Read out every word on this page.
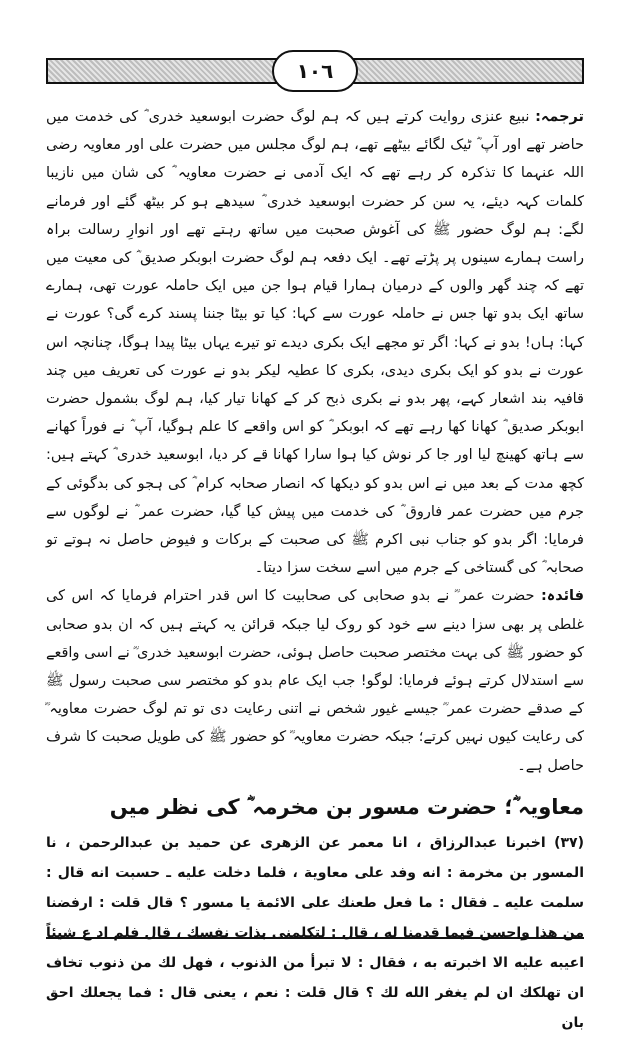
١٠٦

ترجمہ: نبیع عنزی روایت کرتے ہیں کہ ہم لوگ حضرت ابوسعید خدری ؓ کی خدمت میں حاضر تھے اور آپ ؓ ٹیک لگائے بیٹھے تھے، ہم لوگ مجلس میں حضرت علی اور معاویہ رضی اللہ عنہما کا تذکرہ کر رہے تھے کہ ایک آدمی نے حضرت معاویہ ؓ کی شان میں نازیبا کلمات کہہ دیئے، یہ سن کر حضرت ابوسعید خدری ؓ سیدھے ہو کر بیٹھ گئے اور فرمانے لگے: ہم لوگ حضور ﷺ کی آغوش صحبت میں ساتھ رہتے تھے اور انوارِ رسالت براہ راست ہمارے سینوں پر پڑتے تھے۔ ایک دفعہ ہم لوگ حضرت ابوبکر صدیق ؓ کی معیت میں تھے کہ چند گھر والوں کے درمیان ہمارا قیام ہوا جن میں ایک حاملہ عورت تھی، ہمارے ساتھ ایک بدو تھا جس نے حاملہ عورت سے کہا: کیا تو بیٹا جننا پسند کرے گی؟ عورت نے کہا: ہاں! بدو نے کہا: اگر تو مجھے ایک بکری دیدے تو تیرے یہاں بیٹا پیدا ہوگا، چنانچہ اس عورت نے بدو کو ایک بکری دیدی، بکری کا عطیہ لیکر بدو نے عورت کی تعریف میں چند قافیہ بند اشعار کہے، پھر بدو نے بکری ذبح کر کے کھانا تیار کیا، ہم لوگ بشمول حضرت ابوبکر صدیق ؓ کھانا کھا رہے تھے کہ ابوبکر ؓ کو اس واقعے کا علم ہوگیا، آپ ؓ نے فوراً کھانے سے ہاتھ کھینچ لیا اور جا کر نوش کیا ہوا سارا کھانا قے کر دیا، ابوسعید خدری ؓ کہتے ہیں: کچھ مدت کے بعد میں نے اس بدو کو دیکھا کہ انصار صحابہ کرام ؓ کی ہجو کی بدگوئی کے جرم میں حضرت عمر فاروق ؓ کی خدمت میں پیش کیا گیا، حضرت عمر ؓ نے لوگوں سے فرمایا: اگر بدو کو جناب نبی اکرم ﷺ کی صحبت کے برکات و فیوض حاصل نہ ہوتے تو صحابہ ؓ کی گستاخی کے جرم میں اسے سخت سزا دیتا۔

فائدہ: حضرت عمر ؓ نے بدو صحابی کی صحابیت کا اس قدر احترام فرمایا کہ اس کی غلطی پر بھی سزا دینے سے خود کو روک لیا جبکہ قرائن یہ کہتے ہیں کہ ان بدو صحابی کو حضور ﷺ کی بہت مختصر صحبت حاصل ہوئی، حضرت ابوسعید خدری ؓ نے اسی واقعے سے استدلال کرتے ہوئے فرمایا: لوگو! جب ایک عام بدو کو مختصر سی صحبت رسول ﷺ کے صدقے حضرت عمر ؓ جیسے غیور شخص نے اتنی رعایت دی تو تم لوگ حضرت معاویہ ؓ کی رعایت کیوں نہیں کرتے؛ جبکہ حضرت معاویہ ؓ کو حضور ﷺ کی طویل صحبت کا شرف حاصل ہے۔

معاویہ ؓ؛ حضرت مسور بن مخرمہ ؓ کی نظر میں

(۳۷) اخبرنا عبدالرزاق ، انا معمر عن الزهری عن حمید بن عبدالرحمن ، نا المسور بن مخرمة : انه وفد علی معاوية ، فلما دخلت علیه ـ حسبت انه قال : سلمت علیه ـ فقال : ما فعل طعنك علی الائمة یا مسور ؟ قال قلت : ارفضنا من هذا واحسن فیما قدمنا له ، قال : لتکلمنی بذات نفسك ، قال فلم اد ع شیئاً اعیبه علیه الا اخبرته به ، فقال : لا تبرأ من الذنوب ، فهل لك من ذنوب تخاف ان تهلكك ان لم یغفر الله لك ؟ قال قلت : نعم ، یعنی قال : فما یجعلك احق بان
